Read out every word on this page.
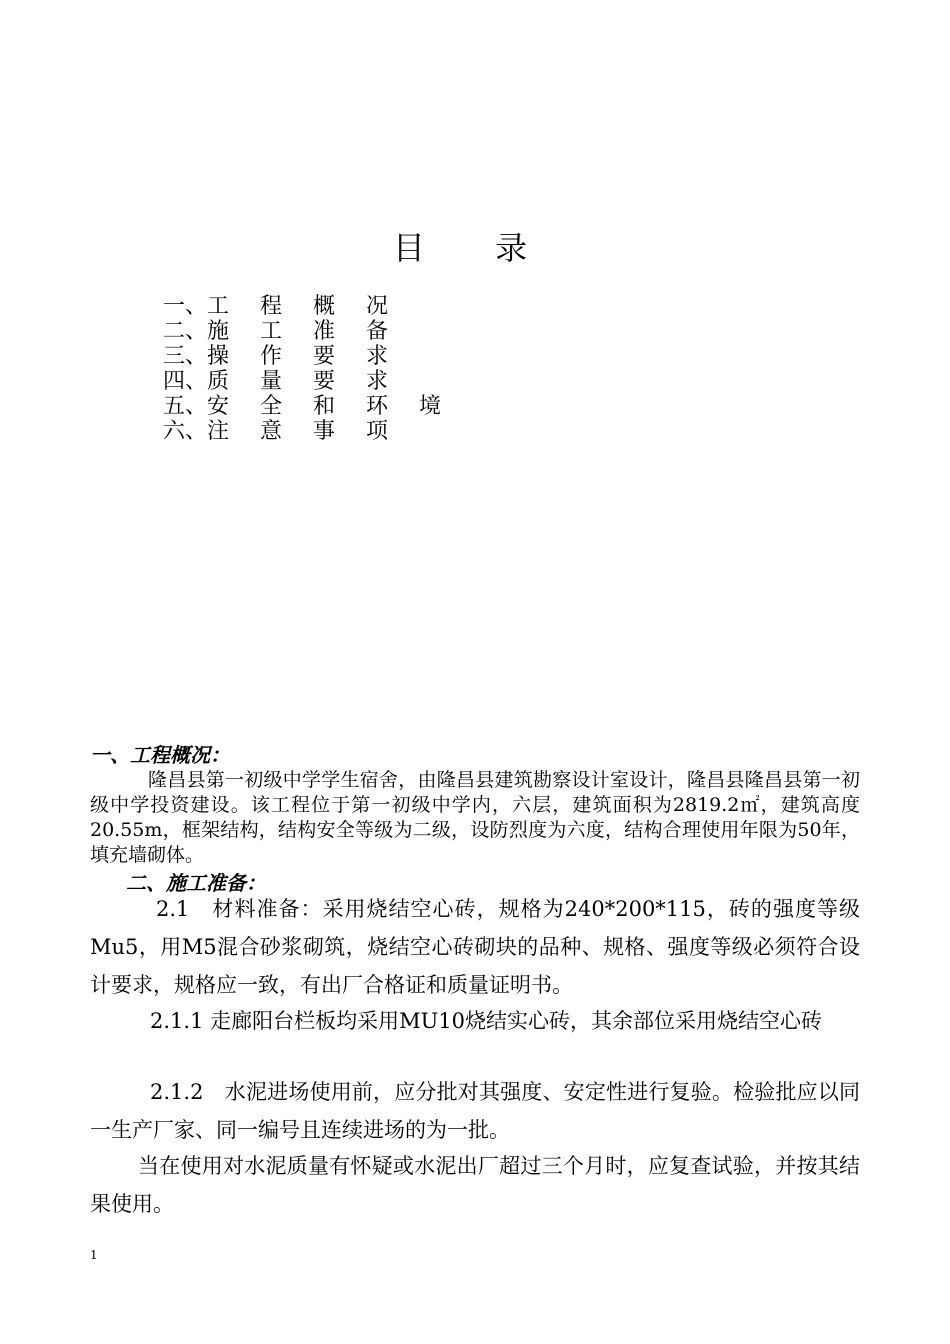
目 录
一、工 程 概 况
二、施 工 准 备
三、操 作 要 求
四、质 量 要 求
五、安 全 和 环 境
六、注 意 事 项
一、工程概况：
隆昌县第一初级中学学生宿舍，由隆昌县建筑勘察设计室设计，隆昌县隆昌县第一初级中学投资建设。该工程位于第一初级中学内，六层，建筑面积为2819.2㎡，建筑高度20.55m，框架结构，结构安全等级为二级，设防烈度为六度，结构合理使用年限为50年，填充墙砌体。
二、施工准备：
2.1　材料准备：采用烧结空心砖，规格为240*200*115，砖的强度等级Mu5，用M5混合砂浆砌筑，烧结空心砖砌块的品种、规格、强度等级必须符合设计要求，规格应一致，有出厂合格证和质量证明书。
2.1.1 走廊阳台栏板均采用MU10烧结实心砖，其余部位采用烧结空心砖
2.1.2　水泥进场使用前，应分批对其强度、安定性进行复验。检验批应以同一生产厂家、同一编号且连续进场的为一批。
当在使用对水泥质量有怀疑或水泥出厂超过三个月时，应复查试验，并按其结果使用。
1
